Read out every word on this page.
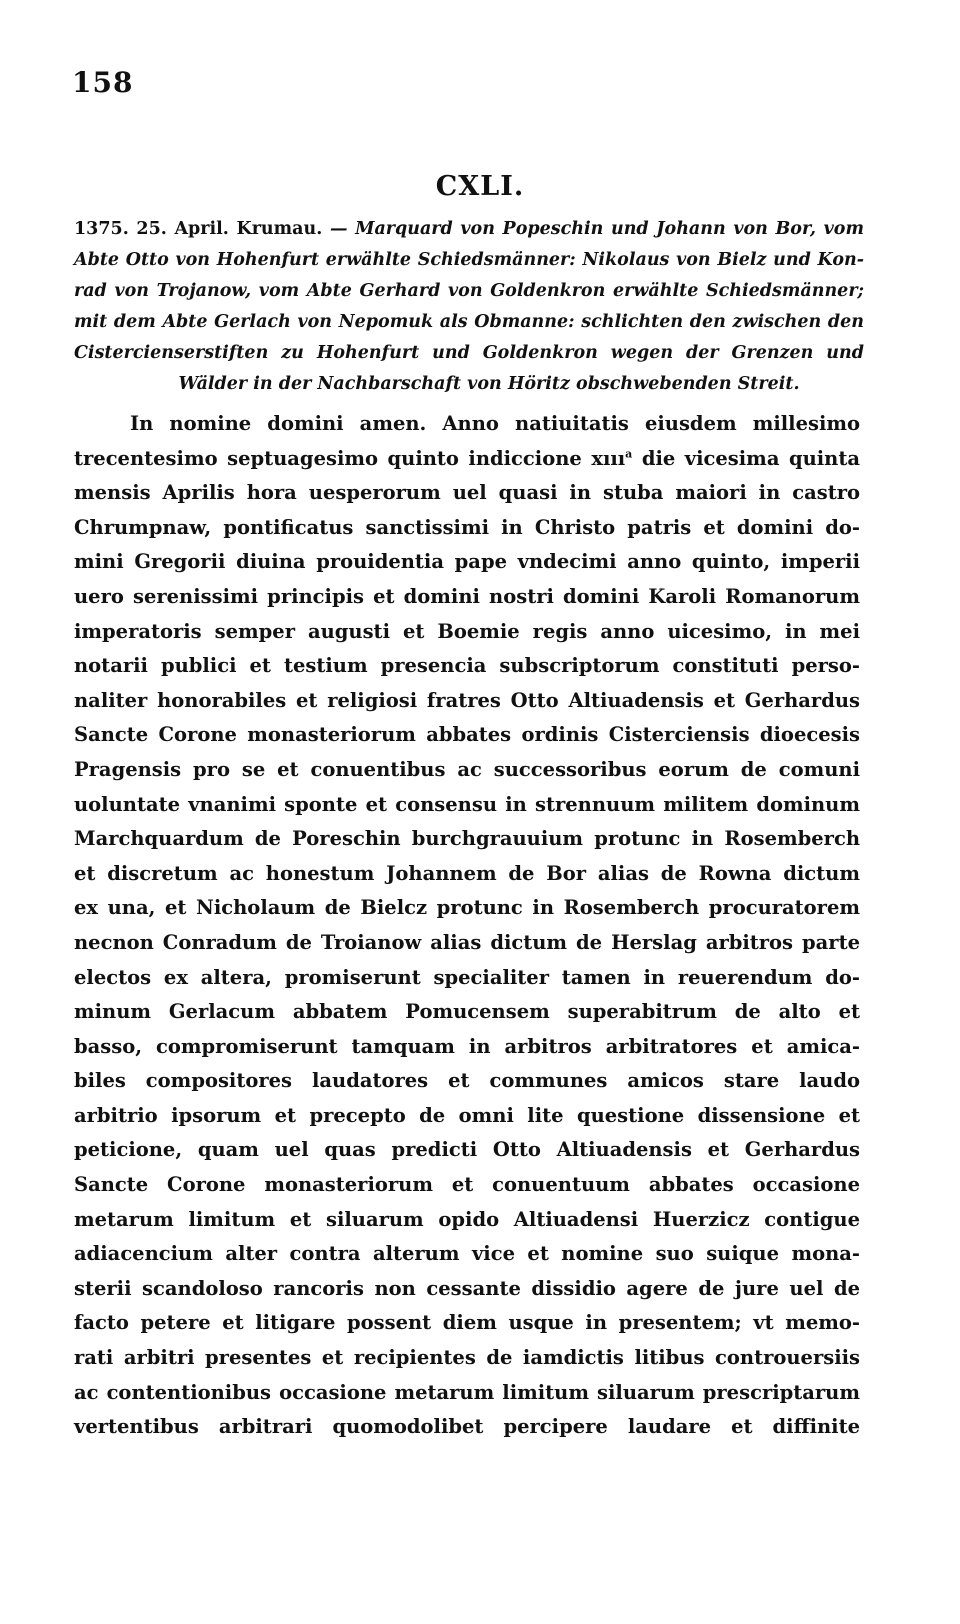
158
CXLI.
1375. 25. April. Krumau. — Marquard von Pореschin und Johann von Bor, vom
Abte Otto von Hohenfurt erwählte Schiedsmänner: Nikolaus von Bielz und Kon-
rad von Trojanow, vom Abte Gerhard von Goldenkron erwählte Schiedsmänner;
mit dem Abte Gerlach von Nepomuk als Obmanne: schlichten den zwischen den
Cistercienserstiften zu Hohenfurt und Goldenkron wegen der Grenzen und
Wälder in der Nachbarschaft von Höritz obschwebenden Streit.
In nomine domini amen. Anno natiuitatis eiusdem millesimo
trecentesimo septuagesimo quinto indiccione xııı$^a$ die vicesima quinta
mensis Aprilis hora uesperorum uel quasi in stuba maiori in castro
Chrumpnaw, pontificatus sanctissimi in Christo patris et domini do-
mini Gregorii diuina prouidentia pape vndecimi anno quinto, imperii
uero serenissimi principis et domini nostri domini Karoli Romanorum
imperatoris semper augusti et Boemie regis anno uicesimo, in mei
notarii publici et testium presencia subscriptorum constituti perso-
naliter honorabiles et religiosi fratres Otto Altiuadensis et Gerhardus
Sancte Corone monasteriorum abbates ordinis Cisterciensis dioecesis
Pragensis pro se et conuentibus ac successoribus eorum de comuni
uoluntate vnanimi sponte et consensu in strennuum militem dominum
Marchquardum de Poreschin burchgrauuium protunc in Rosemberch
et discretum ac honestum Johannem de Bor alias de Rowna dictum
ex una, et Nicholaum de Bielcz protunc in Rosemberch procuratorem
necnon Conradum de Troianow alias dictum de Herslag arbitros parte
electos ex altera, promiserunt specialiter tamen in reuerendum do-
minum Gerlacum abbatem Pomucensem superabitrum de alto et
basso, compromiserunt tamquam in arbitros arbitratores et amica-
biles compositores laudatores et communes amicos stare laudo
arbitrio ipsorum et precepto de omni lite questione dissensione et
peticione, quam uel quas predicti Otto Altiuadensis et Gerhardus
Sancte Corone monasteriorum et conuentuum abbates occasione
metarum limitum et siluarum opido Altiuadensi Huerzicz contigue
adiacencium alter contra alterum vice et nomine suo suique mona-
sterii scandoloso rancoris non cessante dissidio agere de jure uel de
facto petere et litigare possent diem usque in presentem; vt memo-
rati arbitri presentes et recipientes de iamdictis litibus controuersiis
ac contentionibus occasione metarum limitum siluarum prescriptarum
vertentibus arbitrari quomodolibet percipere laudare et diffinite
